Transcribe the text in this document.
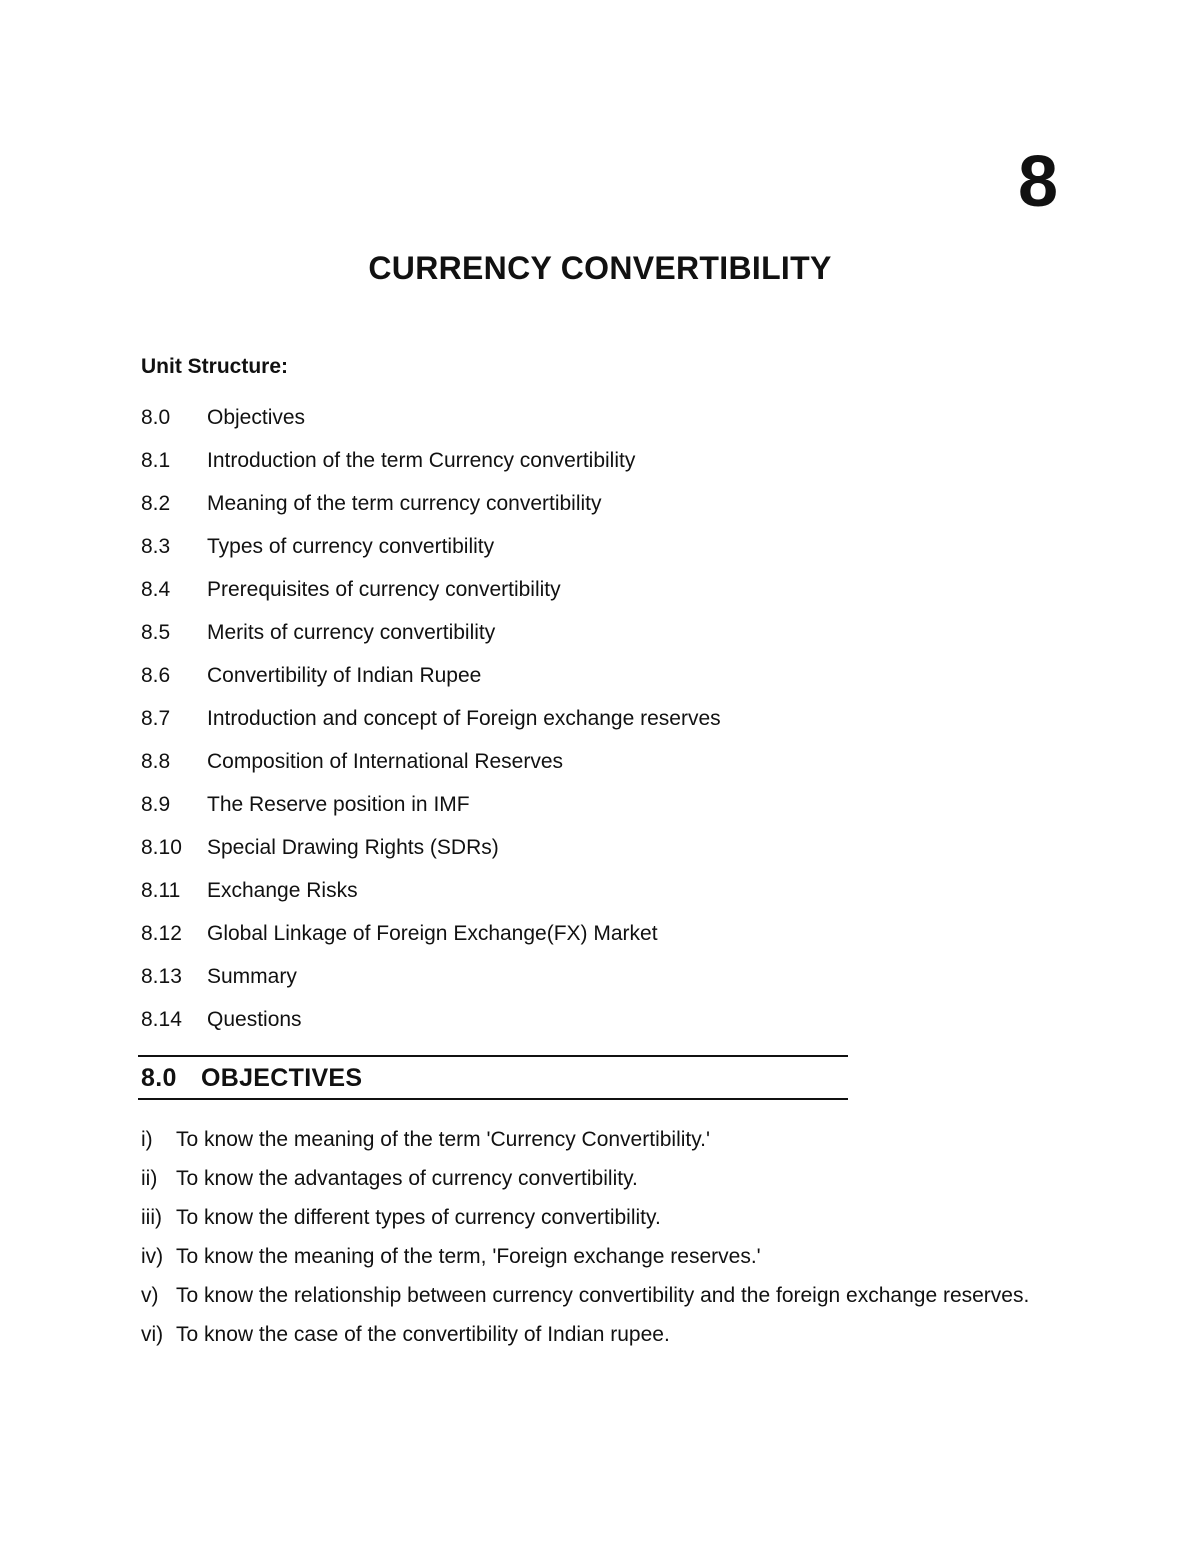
8
CURRENCY CONVERTIBILITY
Unit Structure:
8.0	Objectives
8.1	Introduction of the term Currency convertibility
8.2	Meaning of the term currency convertibility
8.3	Types of currency convertibility
8.4	Prerequisites of currency convertibility
8.5	Merits of currency convertibility
8.6	Convertibility of Indian Rupee
8.7	Introduction and concept of Foreign exchange reserves
8.8	Composition of International Reserves
8.9	The Reserve position in IMF
8.10	Special Drawing Rights (SDRs)
8.11	Exchange Risks
8.12	Global Linkage of Foreign Exchange(FX) Market
8.13	Summary
8.14	Questions
8.0 OBJECTIVES
i)	To know the meaning of the term 'Currency Convertibility.'
ii) To know the advantages of currency convertibility.
iii) To know the different types of currency convertibility.
iv) To know the meaning of the term, 'Foreign exchange reserves.'
v) To know the relationship between currency convertibility and the foreign exchange reserves.
vi) To know the case of the convertibility of Indian rupee.
